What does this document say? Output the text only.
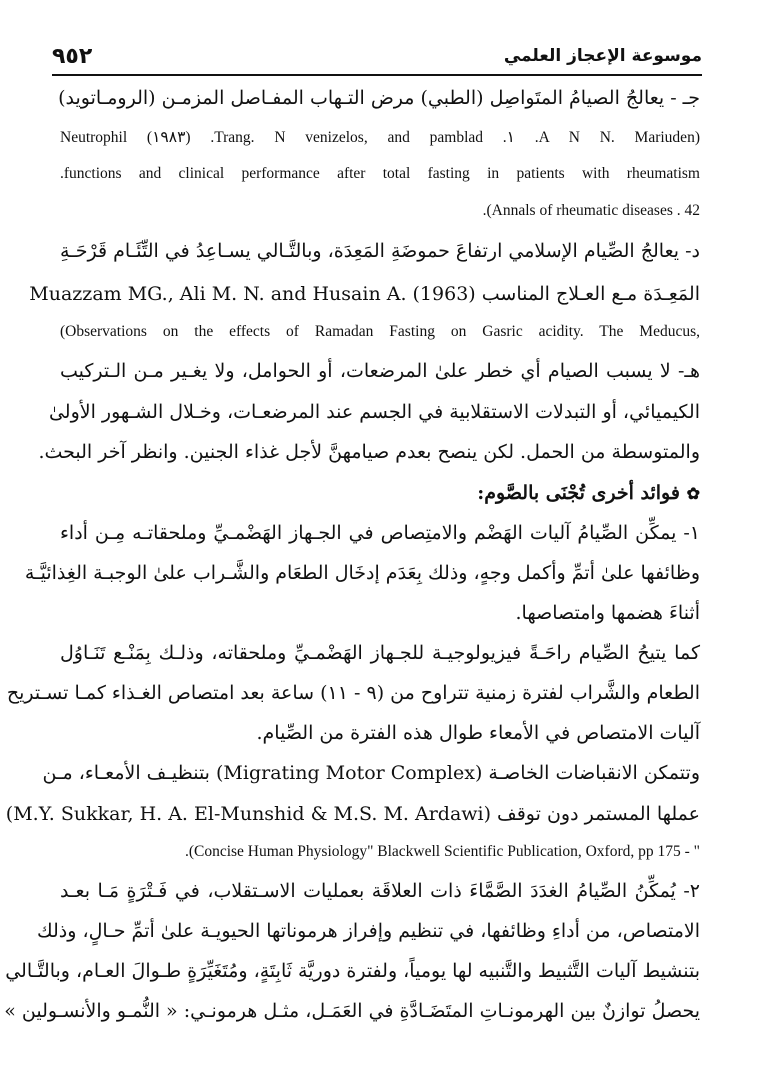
٩٥٢	موسوعة الإعجاز العلمي
جـ - يعالجُ الصيامُ المتَواصِل (الطبي) مرض التـهاب المفـاصل المزمـن (الرومـاتويد)
Neutrophil (١٩٨٣) .Trang. N venizelos, and pamblad .١ .A N N. Mariuden)
.functions and clinical performance after total fasting in patients with rheumatism
.(Annals of rheumatic diseases . 42
د- يعالجُ الصِّيام الإسلامي ارتفاعَ حموضَةِ المَعِدَة، وبالتَّـالي يسـاعِدُ في التِّئَـام قَرْحَـةِ
المَعِـدَة مـع العـلاج المناسب (Muazzam MG., Ali M. N. and Husain A. (1963
(Observations on the effects of Ramadan Fasting on Gasric acidity. The Meducus,
هـ- لا يسبب الصيام أي خطر علىٰ المرضعات، أو الحوامل، ولا يغـير مـن الـتركيب
الكيميائي، أو التبدلات الاستقلابية في الجسم عند المرضعـات، وخـلال الشـهور الأولىٰ
والمتوسطة من الحمل. لكن ينصح بعدم صيامهنَّ لأجل غذاء الجنين. وانظر آخر البحث.
✿ فوائد أخرى تُجْنَى بالصَّوم:
١- يمكِّن الصِّيامُ آليات الهَضْم والامتِصاص في الجـهاز الهَضْمـيِّ وملحقاتـه مِـن أداء
وظائفها علىٰ أتمِّ وأكمل وجهٍ، وذلك بِعَدَم إدخَال الطعَام والشَّـراب علىٰ الوجبـة الغِذائيَّـة
أثناءَ هضمها وامتصاصها.
كما يتيحُ الصِّيام راحَـةً فيزيولوجيـة للجـهاز الهَضْمـيِّ وملحقاته، وذلـك بِمَنْـع تَنَـاوُل
الطعام والشَّراب لفترة زمنية تتراوح من (٩ - ١١) ساعة بعد امتصاص الغـذاء كمـا تسـتريح
آليات الامتصاص في الأمعاء طوال هذه الفترة من الصِّيام.
وتتمكن الانقباضات الخاصـة (Migrating Motor Complex) بتنظيـف الأمعـاء، مـن
عملها المستمر دون توقف (M.Y. Sukkar, H. A. El-Munshid & M.S. M. Ardawi)
.(Concise Human Physiology" Blackwell Scientific Publication, Oxford, pp 175 - "
٢- يُمكِّنُ الصِّيامُ الغدَدَ الصَّمَّاءَ ذات العلاقَة بعمليات الاسـتقلاب، في فَـتْرَةٍ مَـا بعـد
الامتصاص، من أداءِ وظائفها، في تنظيم وإفراز هرموناتها الحيويـة علىٰ أتمِّ حـالٍ، وذلك
بتنشيط آليات التَّثبيط والتَّنبيه لها يومياً، ولفترة دوريَّة ثَابِتَةٍ، ومُتَغَيِّرَةٍ طـوالَ العـام، وبالتَّـالي
يحصلُ توازنٌ بين الهرمونـاتِ المتَضَـادَّةِ في العَمَـل، مثـل هرمونـي: « النُّمـو والأنسـولين »
